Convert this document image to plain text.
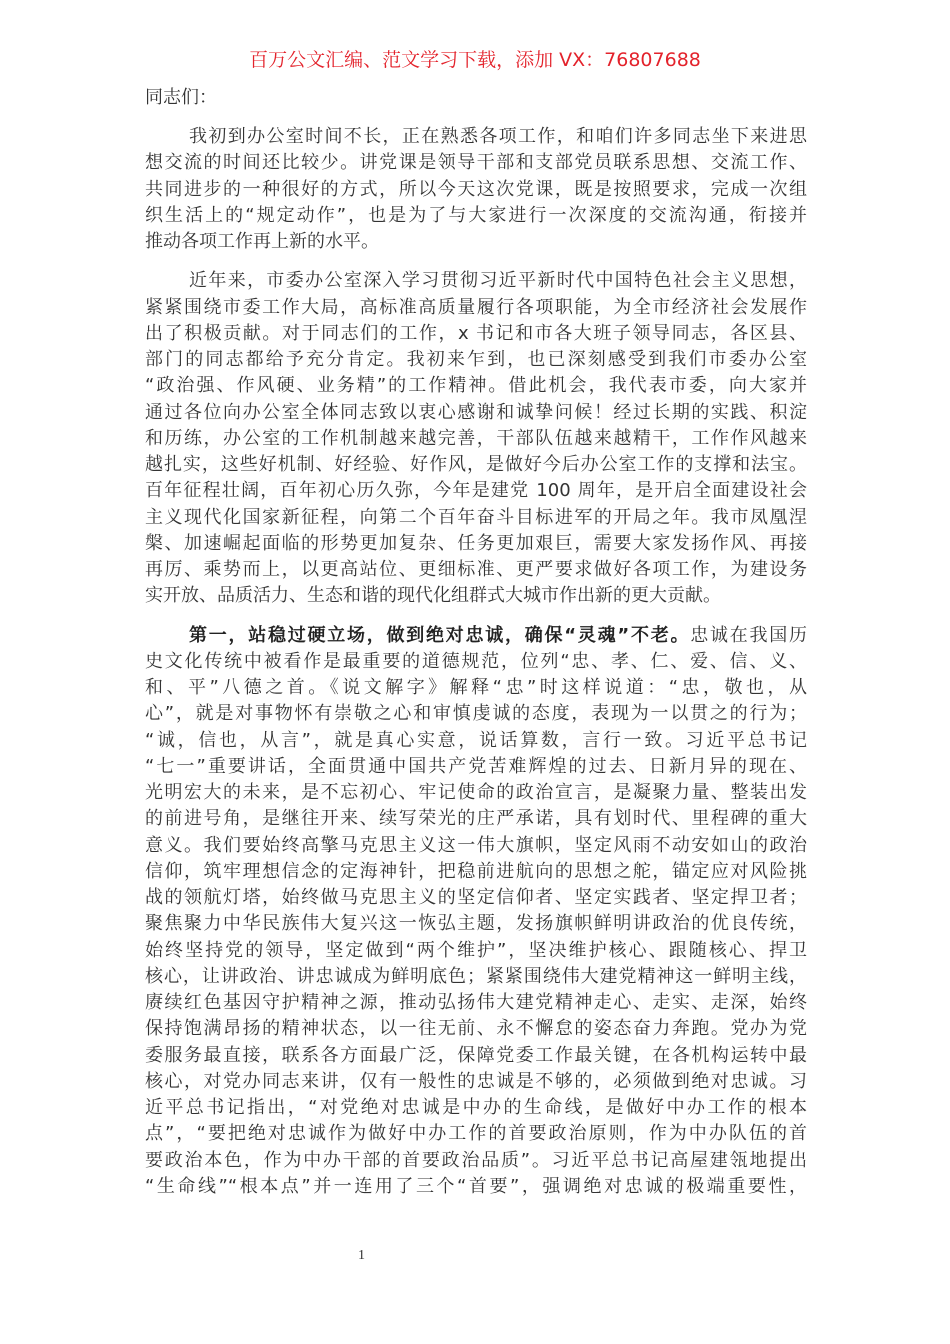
百万公文汇编、范文学习下载，添加 VX：76807688
同志们：
我初到办公室时间不长，正在熟悉各项工作，和咱们许多同志坐下来进思
想交流的时间还比较少。讲党课是领导干部和支部党员联系思想、交流工作、
共同进步的一种很好的方式，所以今天这次党课，既是按照要求，完成一次组
织生活上的“规定动作”，也是为了与大家进行一次深度的交流沟通，衔接并
推动各项工作再上新的水平。
近年来，市委办公室深入学习贯彻习近平新时代中国特色社会主义思想，
紧紧围绕市委工作大局，高标准高质量履行各项职能，为全市经济社会发展作
出了积极贡献。对于同志们的工作，x 书记和市各大班子领导同志，各区县、
部门的同志都给予充分肯定。我初来乍到，也已深刻感受到我们市委办公室
“政治强、作风硬、业务精”的工作精神。借此机会，我代表市委，向大家并
通过各位向办公室全体同志致以衷心感谢和诚挚问候！经过长期的实践、积淀
和历练，办公室的工作机制越来越完善，干部队伍越来越精干，工作作风越来
越扎实，这些好机制、好经验、好作风，是做好今后办公室工作的支撑和法宝。
百年征程壮阔，百年初心历久弥，今年是建党 100 周年，是开启全面建设社会
主义现代化国家新征程，向第二个百年奋斗目标进军的开局之年。我市凤凰涅
槃、加速崛起面临的形势更加复杂、任务更加艰巨，需要大家发扬作风、再接
再厉、乘势而上，以更高站位、更细标准、更严要求做好各项工作，为建设务
实开放、品质活力、生态和谐的现代化组群式大城市作出新的更大贡献。
第一，站稳过硬立场，做到绝对忠诚，确保“灵魂”不老。忠诚在我国历
史文化传统中被看作是最重要的道德规范，位列“忠、孝、仁、爱、信、义、
和、平”八德之首。《说文解字》解释“忠”时这样说道：“忠，敬也，从
心”，就是对事物怀有崇敬之心和审慎虔诚的态度，表现为一以贯之的行为；
“诚，信也，从言”，就是真心实意，说话算数，言行一致。习近平总书记
“七一”重要讲话，全面贯通中国共产党苦难辉煌的过去、日新月异的现在、
光明宏大的未来，是不忘初心、牢记使命的政治宣言，是凝聚力量、整装出发
的前进号角，是继往开来、续写荣光的庄严承诺，具有划时代、里程碑的重大
意义。我们要始终高擎马克思主义这一伟大旗帜，坚定风雨不动安如山的政治
信仰，筑牢理想信念的定海神针，把稳前进航向的思想之舵，锚定应对风险挑
战的领航灯塔，始终做马克思主义的坚定信仰者、坚定实践者、坚定捍卫者；
聚焦聚力中华民族伟大复兴这一恢弘主题，发扬旗帜鲜明讲政治的优良传统，
始终坚持党的领导，坚定做到“两个维护”，坚决维护核心、跟随核心、捍卫
核心，让讲政治、讲忠诚成为鲜明底色；紧紧围绕伟大建党精神这一鲜明主线，
赓续红色基因守护精神之源，推动弘扬伟大建党精神走心、走实、走深，始终
保持饱满昂扬的精神状态，以一往无前、永不懈怠的姿态奋力奔跑。党办为党
委服务最直接，联系各方面最广泛，保障党委工作最关键，在各机构运转中最
核心，对党办同志来讲，仅有一般性的忠诚是不够的，必须做到绝对忠诚。习
近平总书记指出，“对党绝对忠诚是中办的生命线，是做好中办工作的根本
点”，“要把绝对忠诚作为做好中办工作的首要政治原则，作为中办队伍的首
要政治本色，作为中办干部的首要政治品质”。习近平总书记高屋建瓴地提出
“生命线”“根本点”并一连用了三个“首要”，强调绝对忠诚的极端重要性，
1
